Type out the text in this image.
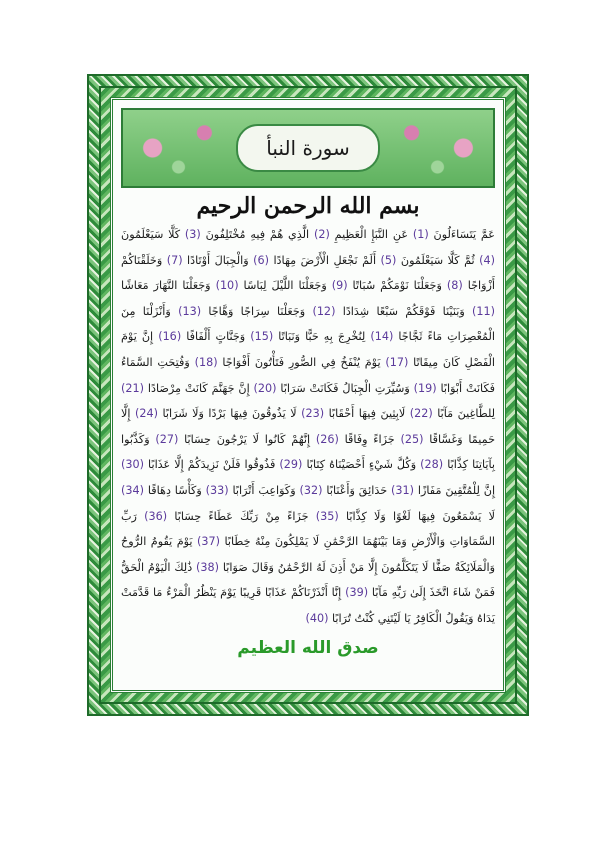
سورة النبأ
بسم الله الرحمن الرحيم

عَمَّ يَتَسَاءَلُونَ (1) عَنِ النَّبَإِ الْعَظِيمِ (2) الَّذِي هُمْ فِيهِ مُخْتَلِفُونَ (3) كَلَّا سَيَعْلَمُونَ (4) ثُمَّ كَلَّا سَيَعْلَمُونَ (5) أَلَمْ نَجْعَلِ الْأَرْضَ مِهَادًا (6) وَالْجِبَالَ أَوْتَادًا (7) وَخَلَقْنَاكُمْ أَزْوَاجًا (8) وَجَعَلْنَا نَوْمَكُمْ سُبَاتًا (9) وَجَعَلْنَا اللَّيْلَ لِبَاسًا (10) وَجَعَلْنَا النَّهَارَ مَعَاشًا (11) وَبَنَيْنَا فَوْقَكُمْ سَبْعًا شِدَادًا (12) وَجَعَلْنَا سِرَاجًا وَهَّاجًا (13) وَأَنْزَلْنَا مِنَ الْمُعْصِرَاتِ مَاءً ثَجَّاجًا (14) لِنُخْرِجَ بِهِ حَبًّا وَنَبَاتًا (15) وَجَنَّاتٍ أَلْفَافًا (16) إِنَّ يَوْمَ الْفَصْلِ كَانَ مِيقَاتًا (17) يَوْمَ يُنْفَخُ فِي الصُّورِ فَتَأْتُونَ أَفْوَاجًا (18) وَفُتِحَتِ السَّمَاءُ فَكَانَتْ أَبْوَابًا (19) وَسُيِّرَتِ الْجِبَالُ فَكَانَتْ سَرَابًا (20) إِنَّ جَهَنَّمَ كَانَتْ مِرْصَادًا (21) لِلطَّاغِينَ مَآبًا (22) لَابِثِينَ فِيهَا أَحْقَابًا (23) لَا يَذُوقُونَ فِيهَا بَرْدًا وَلَا شَرَابًا (24) إِلَّا حَمِيمًا وَغَسَّاقًا (25) جَزَاءً وِفَاقًا (26) إِنَّهُمْ كَانُوا لَا يَرْجُونَ حِسَابًا (27) وَكَذَّبُوا بِآيَاتِنَا كِذَّابًا (28) وَكُلَّ شَيْءٍ أَحْصَيْنَاهُ كِتَابًا (29) فَذُوقُوا فَلَنْ نَزِيدَكُمْ إِلَّا عَذَابًا (30) إِنَّ لِلْمُتَّقِينَ مَفَازًا (31) حَدَائِقَ وَأَعْنَابًا (32) وَكَوَاعِبَ أَتْرَابًا (33) وَكَأْسًا دِهَاقًا (34) لَا يَسْمَعُونَ فِيهَا لَغْوًا وَلَا كِذَّابًا (35) جَزَاءً مِنْ رَبِّكَ عَطَاءً حِسَابًا (36) رَبِّ السَّمَاوَاتِ وَالْأَرْضِ وَمَا بَيْنَهُمَا الرَّحْمَٰنِ لَا يَمْلِكُونَ مِنْهُ خِطَابًا (37) يَوْمَ يَقُومُ الرُّوحُ وَالْمَلَائِكَةُ صَفًّا لَا يَتَكَلَّمُونَ إِلَّا مَنْ أَذِنَ لَهُ الرَّحْمَٰنُ وَقَالَ صَوَابًا (38) ذَٰلِكَ الْيَوْمُ الْحَقُّ فَمَنْ شَاءَ اتَّخَذَ إِلَىٰ رَبِّهِ مَآبًا (39) إِنَّا أَنْذَرْنَاكُمْ عَذَابًا قَرِيبًا يَوْمَ يَنْظُرُ الْمَرْءُ مَا قَدَّمَتْ يَدَاهُ وَيَقُولُ الْكَافِرُ يَا لَيْتَنِي كُنْتُ تُرَابًا (40)

صدق الله العظيم
